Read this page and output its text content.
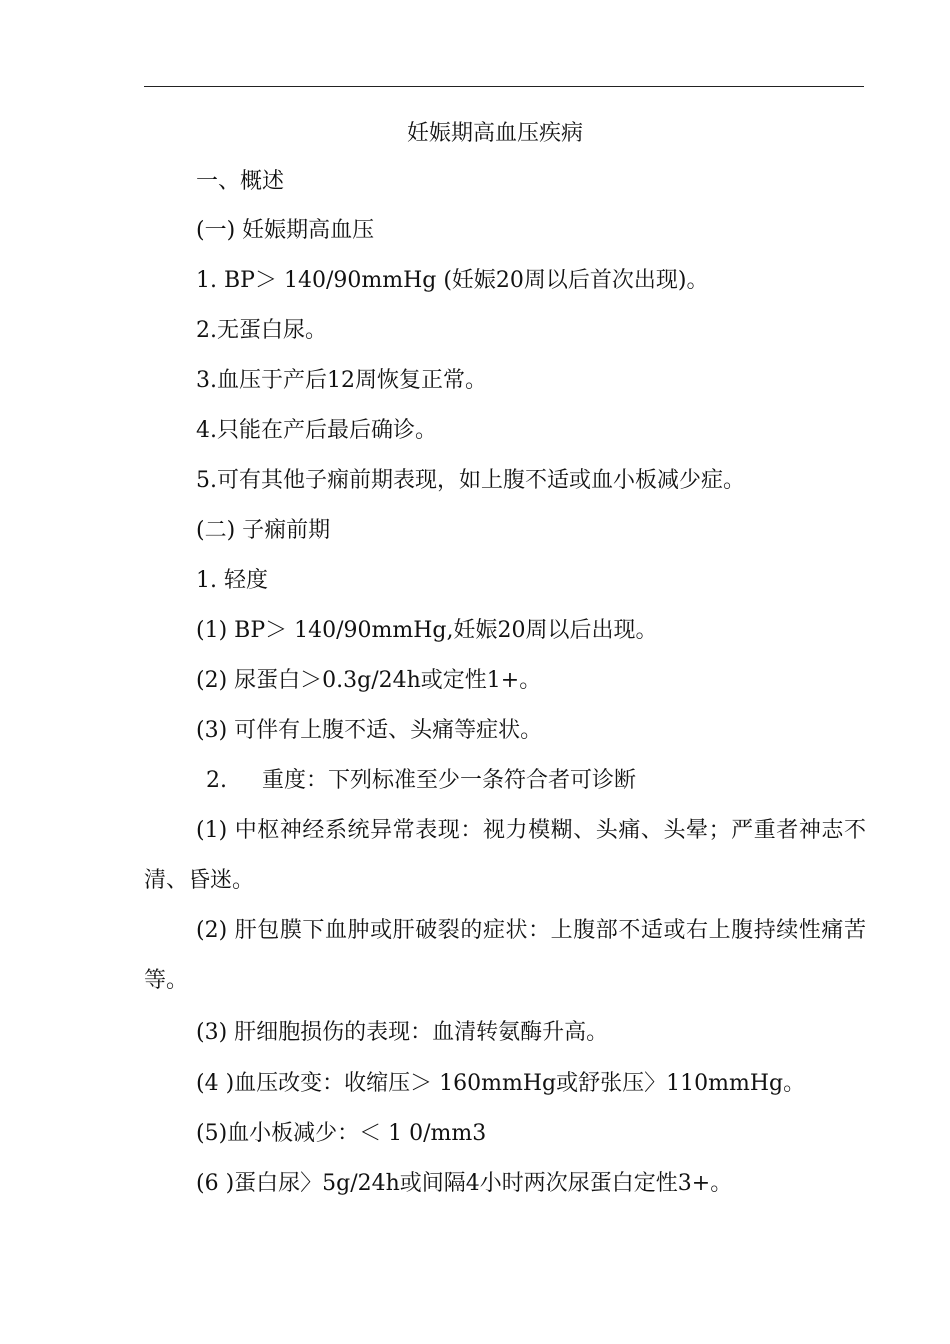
妊娠期高血压疾病
一、概述
(一) 妊娠期高血压
1. BP＞ 140/90mmHg (妊娠20周以后首次出现)。
2.无蛋白尿。
3.血压于产后12周恢复正常。
4.只能在产后最后确诊。
5.可有其他子痫前期表现，如上腹不适或血小板减少症。
(二) 子痫前期
1. 轻度
(1) BP＞ 140/90mmHg,妊娠20周以后出现。
(2) 尿蛋白＞0.3g/24h或定性1+。
(3) 可伴有上腹不适、头痛等症状。
2.     重度：下列标准至少一条符合者可诊断
(1) 中枢神经系统异常表现：视力模糊、头痛、头晕；严重者神志不清、昏迷。
(2) 肝包膜下血肿或肝破裂的症状：上腹部不适或右上腹持续性痛苦等。
(3) 肝细胞损伤的表现：血清转氨酶升高。
(4 )血压改变：收缩压＞ 160mmHg或舒张压〉110mmHg。
(5)血小板减少：＜ 1 0/mm3
(6 )蛋白尿〉5g/24h或间隔4小时两次尿蛋白定性3+。
